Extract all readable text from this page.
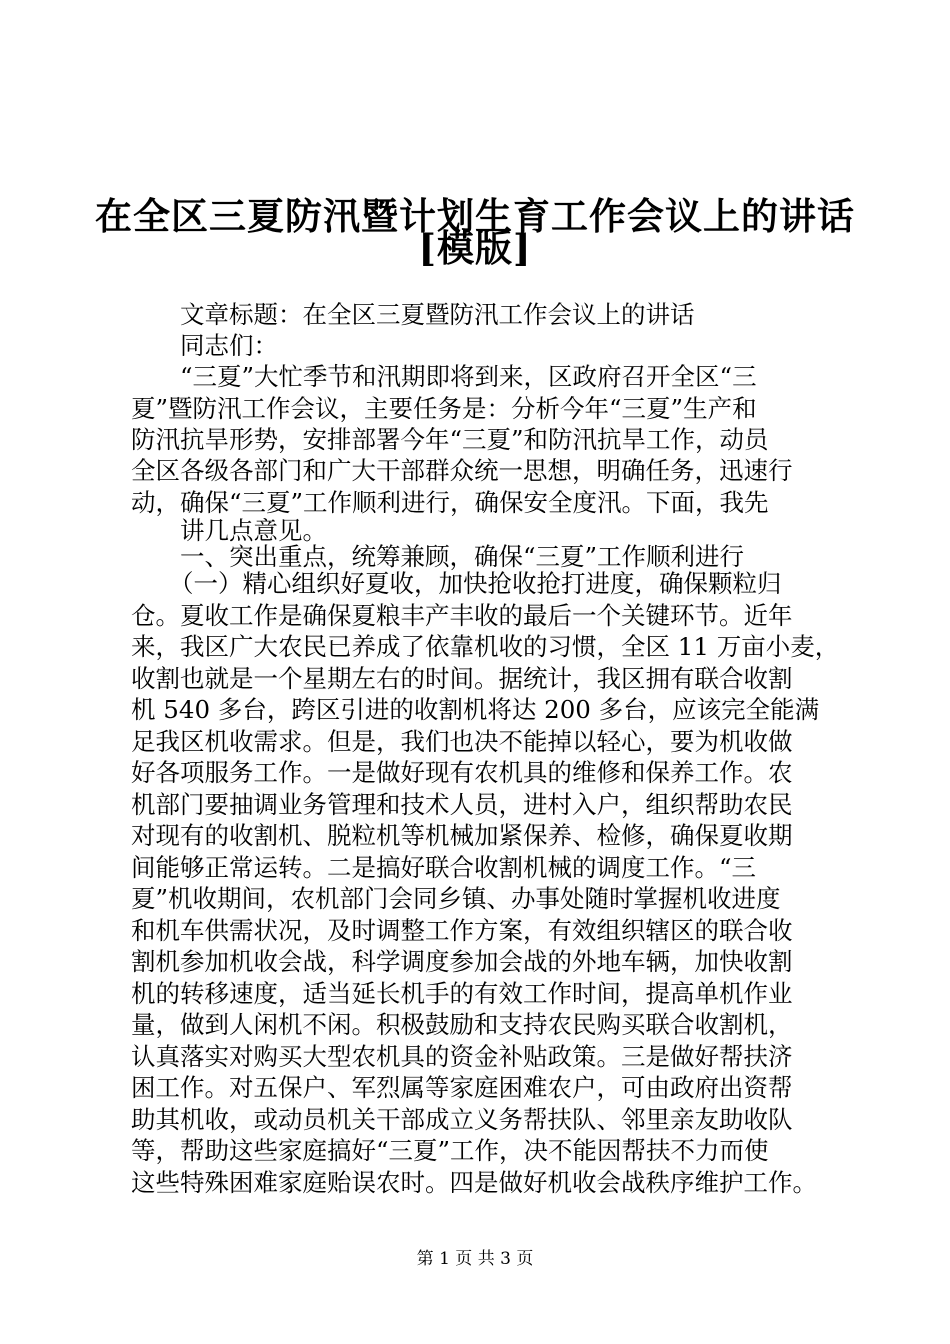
在全区三夏防汛暨计划生育工作会议上的讲话
[模版]
文章标题：在全区三夏暨防汛工作会议上的讲话
同志们：
“三夏”大忙季节和汛期即将到来，区政府召开全区“三
夏”暨防汛工作会议，主要任务是：分析今年“三夏”生产和
防汛抗旱形势，安排部署今年“三夏”和防汛抗旱工作，动员
全区各级各部门和广大干部群众统一思想，明确任务，迅速行
动，确保“三夏”工作顺利进行，确保安全度汛。下面，我先
讲几点意见。
一、突出重点，统筹兼顾，确保“三夏”工作顺利进行
（一）精心组织好夏收，加快抢收抢打进度，确保颗粒归
仓。夏收工作是确保夏粮丰产丰收的最后一个关键环节。近年
来，我区广大农民已养成了依靠机收的习惯，全区 11 万亩小麦，
收割也就是一个星期左右的时间。据统计，我区拥有联合收割
机 540 多台，跨区引进的收割机将达 200 多台，应该完全能满
足我区机收需求。但是，我们也决不能掉以轻心，要为机收做
好各项服务工作。一是做好现有农机具的维修和保养工作。农
机部门要抽调业务管理和技术人员，进村入户，组织帮助农民
对现有的收割机、脱粒机等机械加紧保养、检修，确保夏收期
间能够正常运转。二是搞好联合收割机械的调度工作。“三
夏”机收期间，农机部门会同乡镇、办事处随时掌握机收进度
和机车供需状况，及时调整工作方案，有效组织辖区的联合收
割机参加机收会战，科学调度参加会战的外地车辆，加快收割
机的转移速度，适当延长机手的有效工作时间，提高单机作业
量，做到人闲机不闲。积极鼓励和支持农民购买联合收割机，
认真落实对购买大型农机具的资金补贴政策。三是做好帮扶济
困工作。对五保户、军烈属等家庭困难农户，可由政府出资帮
助其机收，或动员机关干部成立义务帮扶队、邻里亲友助收队
等，帮助这些家庭搞好“三夏”工作，决不能因帮扶不力而使
这些特殊困难家庭贻误农时。四是做好机收会战秩序维护工作。
第 1 页 共 3 页
